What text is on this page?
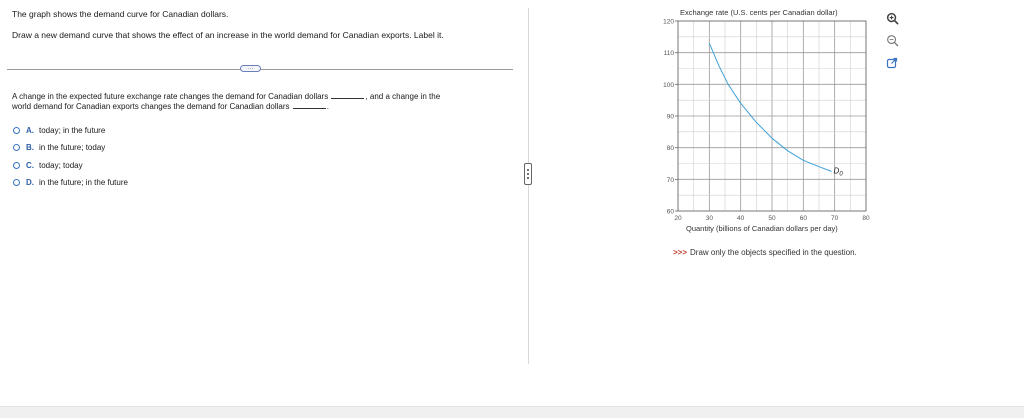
The graph shows the demand curve for Canadian dollars.
Draw a new demand curve that shows the effect of an increase in the world demand for Canadian exports. Label it.
···
A change in the expected future exchange rate changes the demand for Canadian dollars	, and a change in the
world demand for Canadian exports changes the demand for Canadian dollars	.
A. today; in the future
B. in the future; today
C. today; today
D. in the future; in the future
Exchange rate (U.S. cents per Canadian dollar)
60
70
80
90
100
110
120
20	30	40	50	60	70	80
$D_0$
Quantity (billions of Canadian dollars per day)
>>> Draw only the objects specified in the question.
